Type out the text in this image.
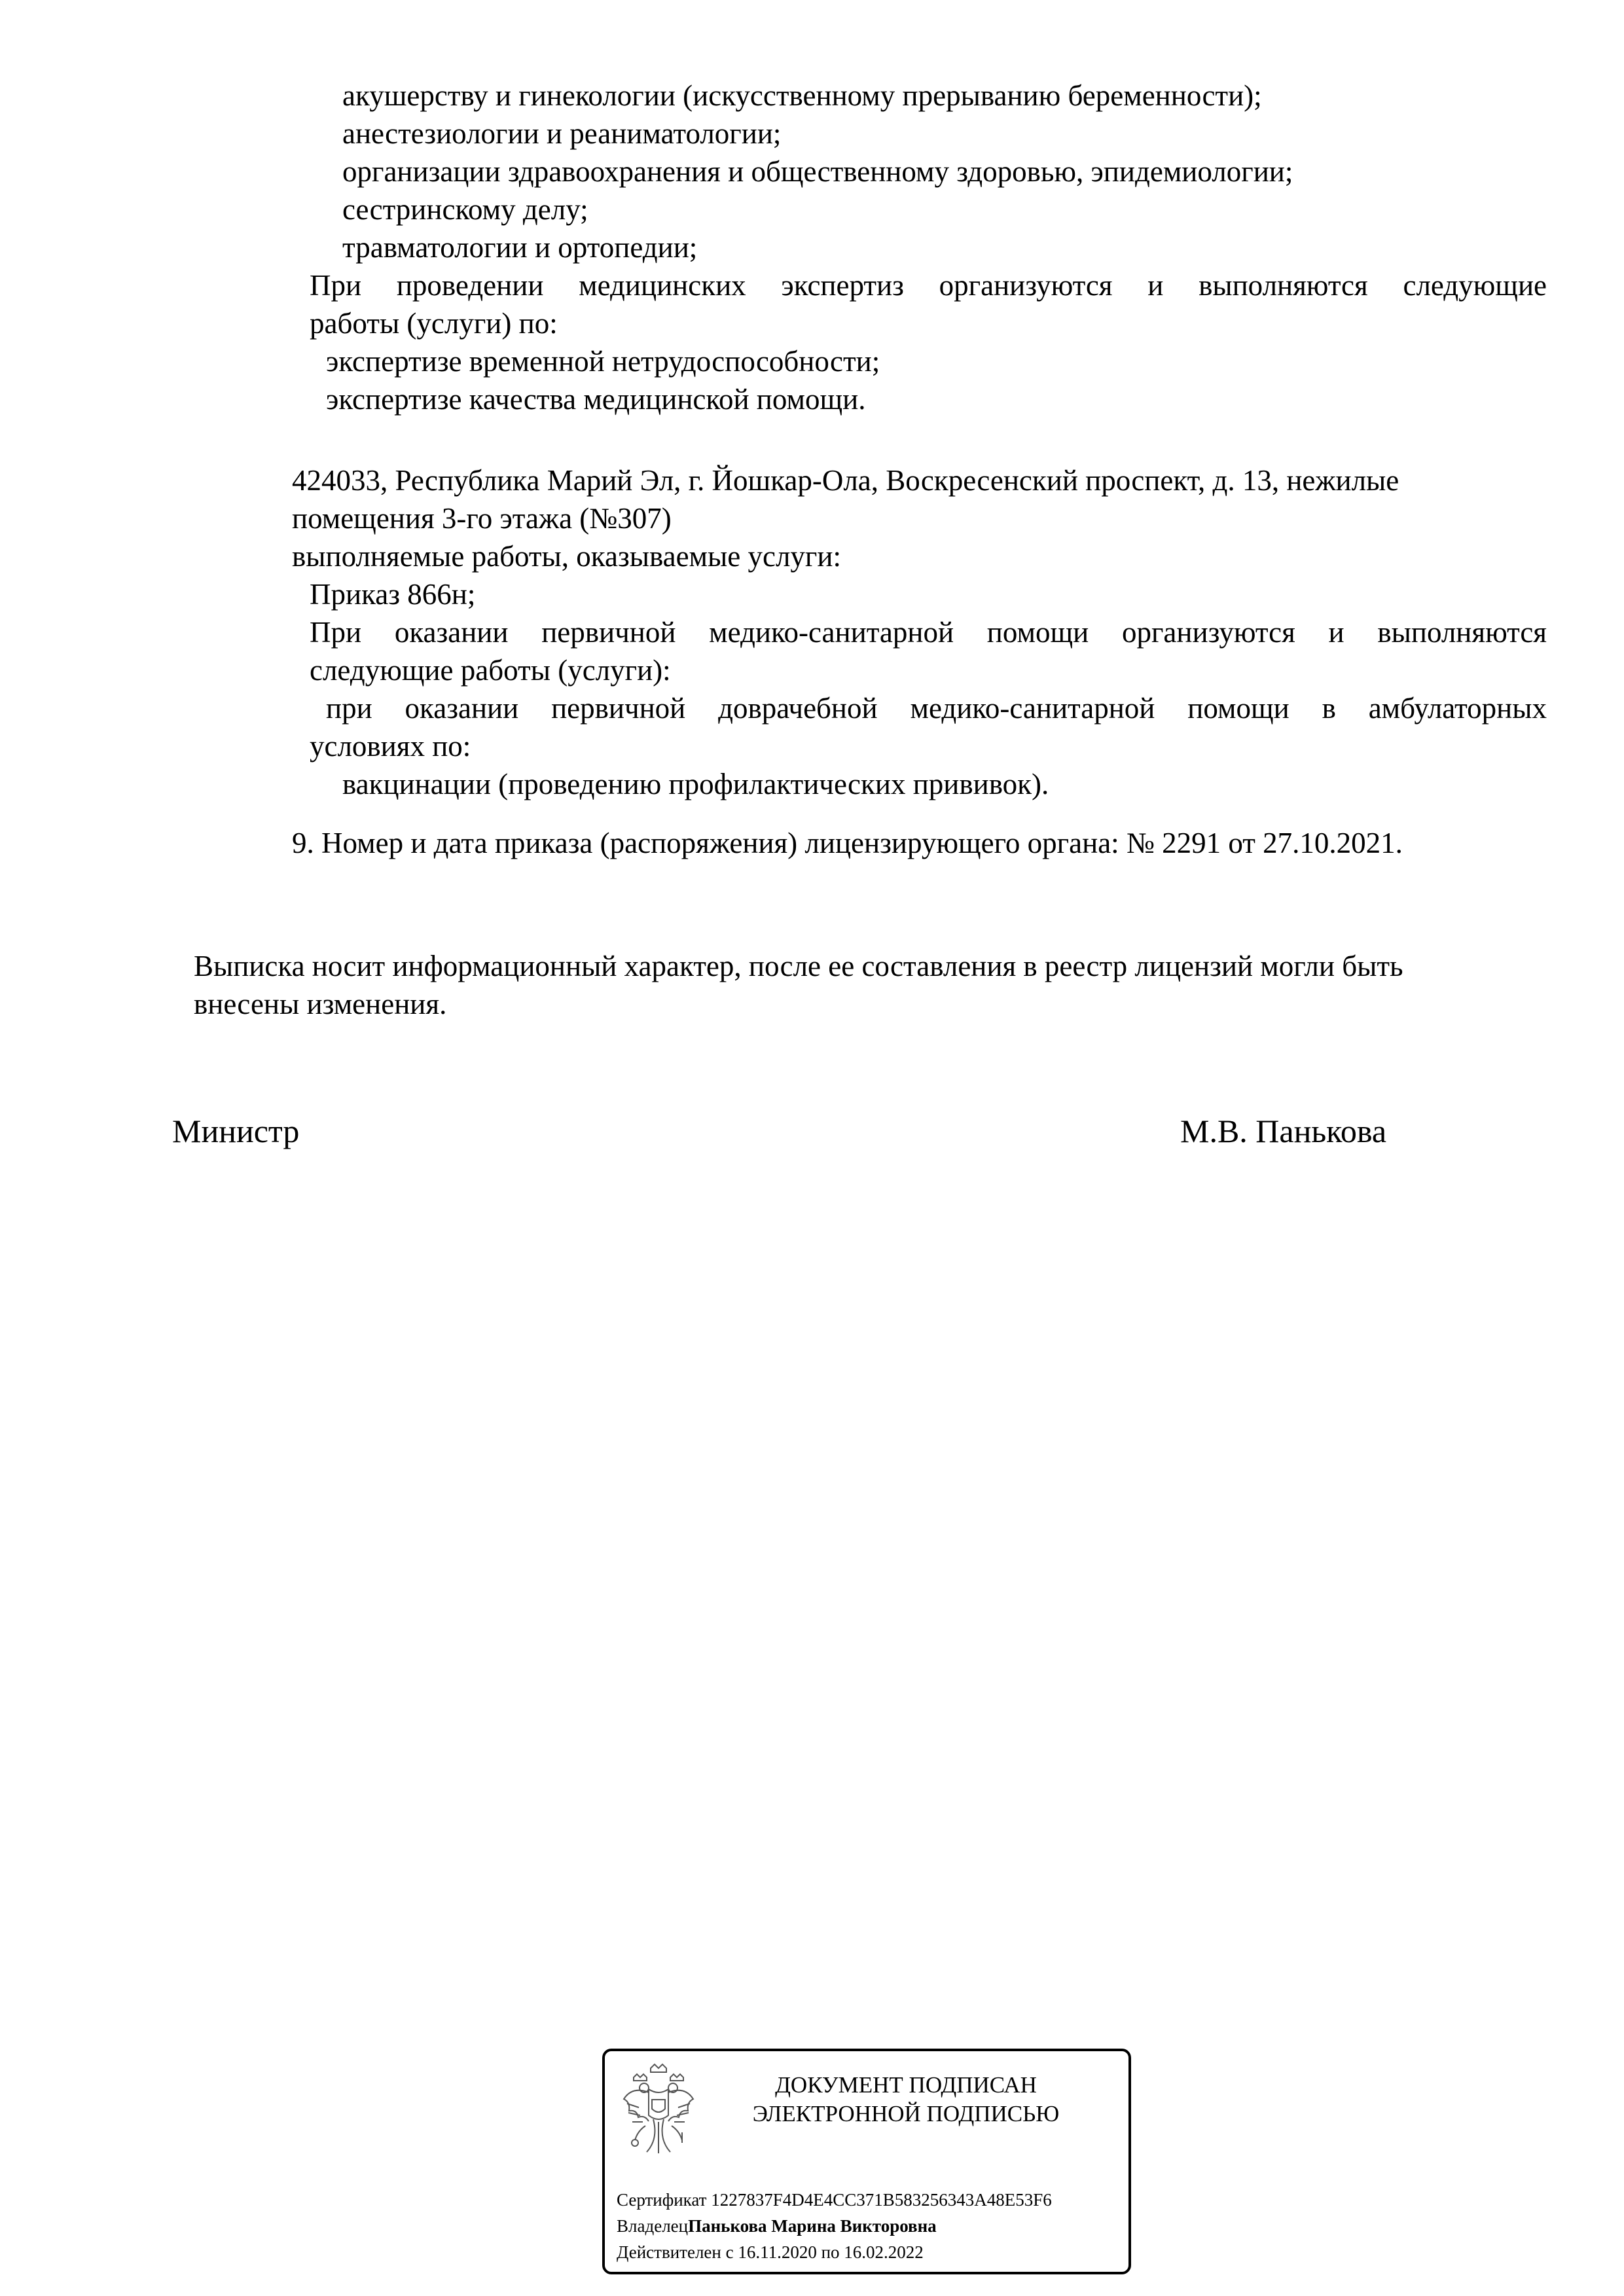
акушерству и гинекологии (искусственному прерыванию беременности);
анестезиологии и реаниматологии;
организации здравоохранения и общественному здоровью, эпидемиологии;
сестринскому делу;
травматологии и ортопедии;
При проведении медицинских экспертиз организуются и выполняются следующие
работы (услуги) по:
экспертизе временной нетрудоспособности;
экспертизе качества медицинской помощи.
424033, Республика Марий Эл, г. Йошкар-Ола, Воскресенский проспект, д. 13, нежилые
помещения 3-го этажа (№307)
выполняемые работы, оказываемые услуги:
Приказ 866н;
При оказании первичной медико-санитарной помощи организуются и выполняются
следующие работы (услуги):
при оказании первичной доврачебной медико-санитарной помощи в амбулаторных
условиях по:
вакцинации (проведению профилактических прививок).
9. Номер и дата приказа (распоряжения) лицензирующего органа: № 2291 от 27.10.2021.
Выписка носит информационный характер, после ее составления в реестр лицензий могли быть
внесены изменения.
Министр	М.В. Панькова
ДОКУМЕНТ ПОДПИСАН
ЭЛЕКТРОННОЙ ПОДПИСЬЮ
Сертификат 1227837F4D4E4CC371B583256343A48E53F6
ВладелецПанькова Марина Викторовна
Действителен с 16.11.2020 по 16.02.2022
